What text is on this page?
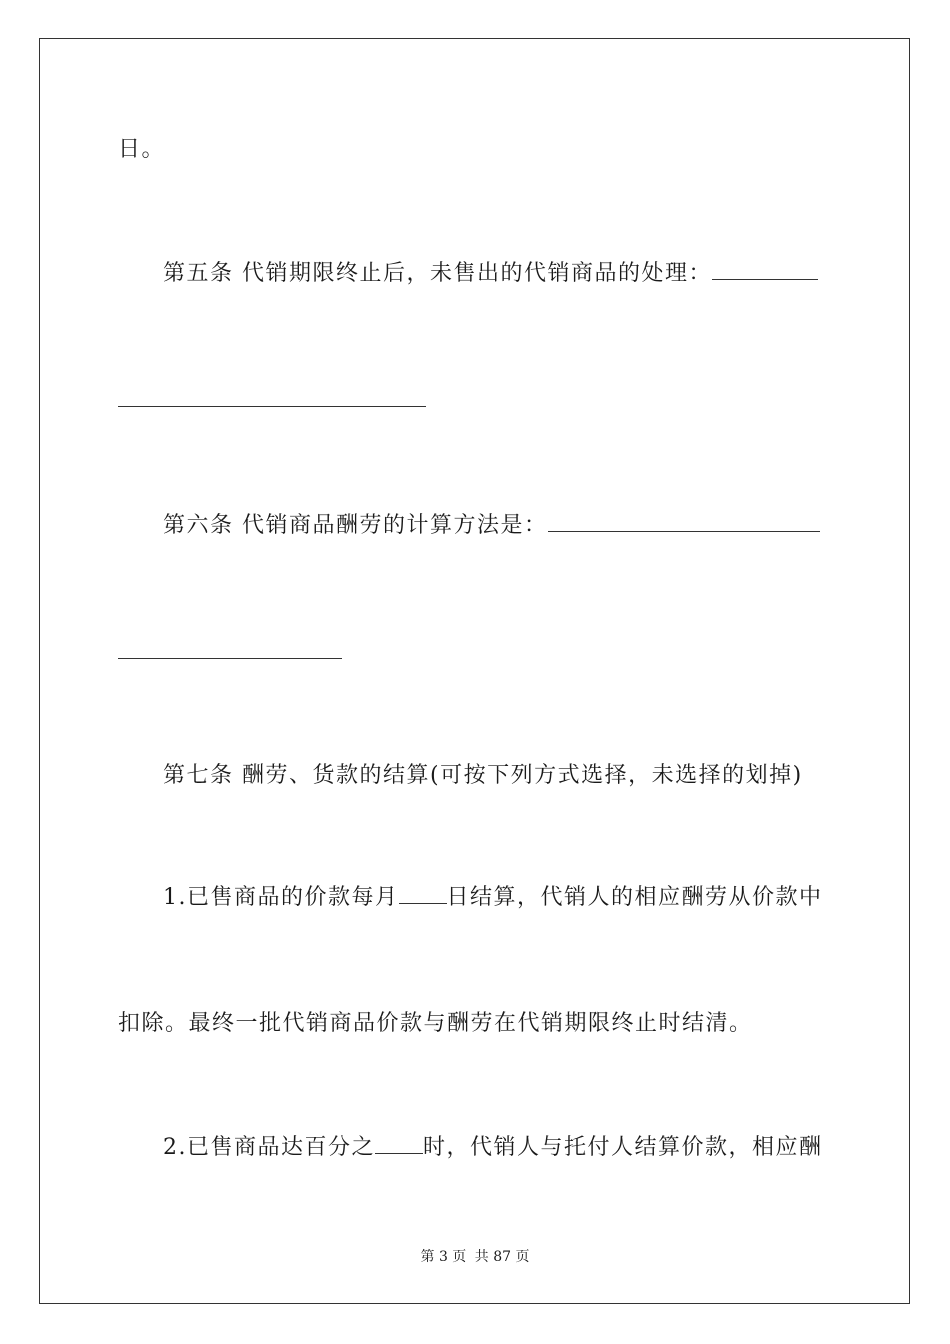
日。
第五条 代销期限终止后，未售出的代销商品的处理：
第六条 代销商品酬劳的计算方法是：
第七条 酬劳、货款的结算(可按下列方式选择，未选择的划掉)
1.已售商品的价款每月 日结算，代销人的相应酬劳从价款中
扣除。最终一批代销商品价款与酬劳在代销期限终止时结清。
2.已售商品达百分之 时，代销人与托付人结算价款，相应酬
第 3 页 共 87 页
